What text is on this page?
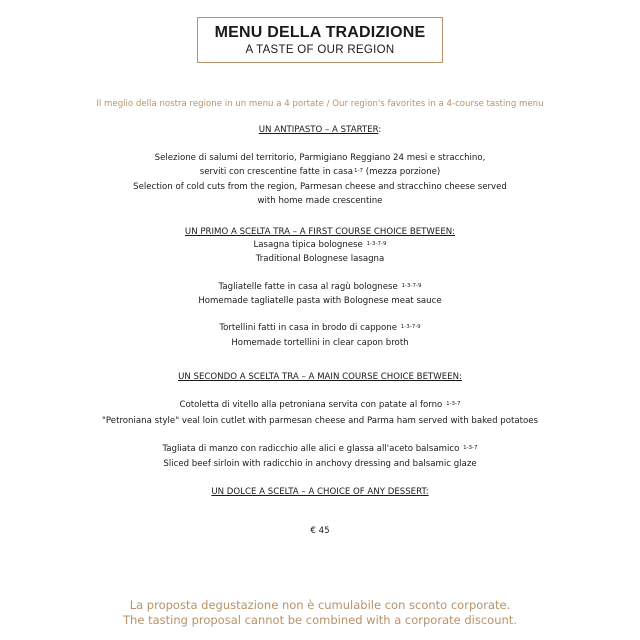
MENU DELLA TRADIZIONE
A TASTE OF OUR REGION
Il meglio della nostra regione in un menu a 4 portate / Our region's favorites in a 4-course tasting menu
UN ANTIPASTO – A STARTER:
Selezione di salumi del territorio, Parmigiano Reggiano 24 mesi e stracchino,
serviti con crescentine fatte in casa$^{1-7}$ (mezza porzione)
Selection of cold cuts from the region, Parmesan cheese and stracchino cheese served
with home made crescentine
UN PRIMO A SCELTA TRA – A FIRST COURSE CHOICE BETWEEN:
Lasagna tipica bolognese $^{1-3-7-9}$
Traditional Bolognese lasagna
Tagliatelle fatte in casa al ragù bolognese $^{1-3-7-9}$
Homemade tagliatelle pasta with Bolognese meat sauce
Tortellini fatti in casa in brodo di cappone $^{1-3-7-9}$
Homemade tortellini in clear capon broth
UN SECONDO A SCELTA TRA – A MAIN COURSE CHOICE BETWEEN:
Cotoletta di vitello alla petroniana servita con patate al forno $^{1-3-7}$
"Petroniana style" veal loin cutlet with parmesan cheese and Parma ham served with baked potatoes
Tagliata di manzo con radicchio alle alici e glassa all'aceto balsamico $^{1-3-7}$
Sliced beef sirloin with radicchio in anchovy dressing and balsamic glaze
UN DOLCE A SCELTA – A CHOICE OF ANY DESSERT:
€ 45
La proposta degustazione non è cumulabile con sconto corporate.
The tasting proposal cannot be combined with a corporate discount.
